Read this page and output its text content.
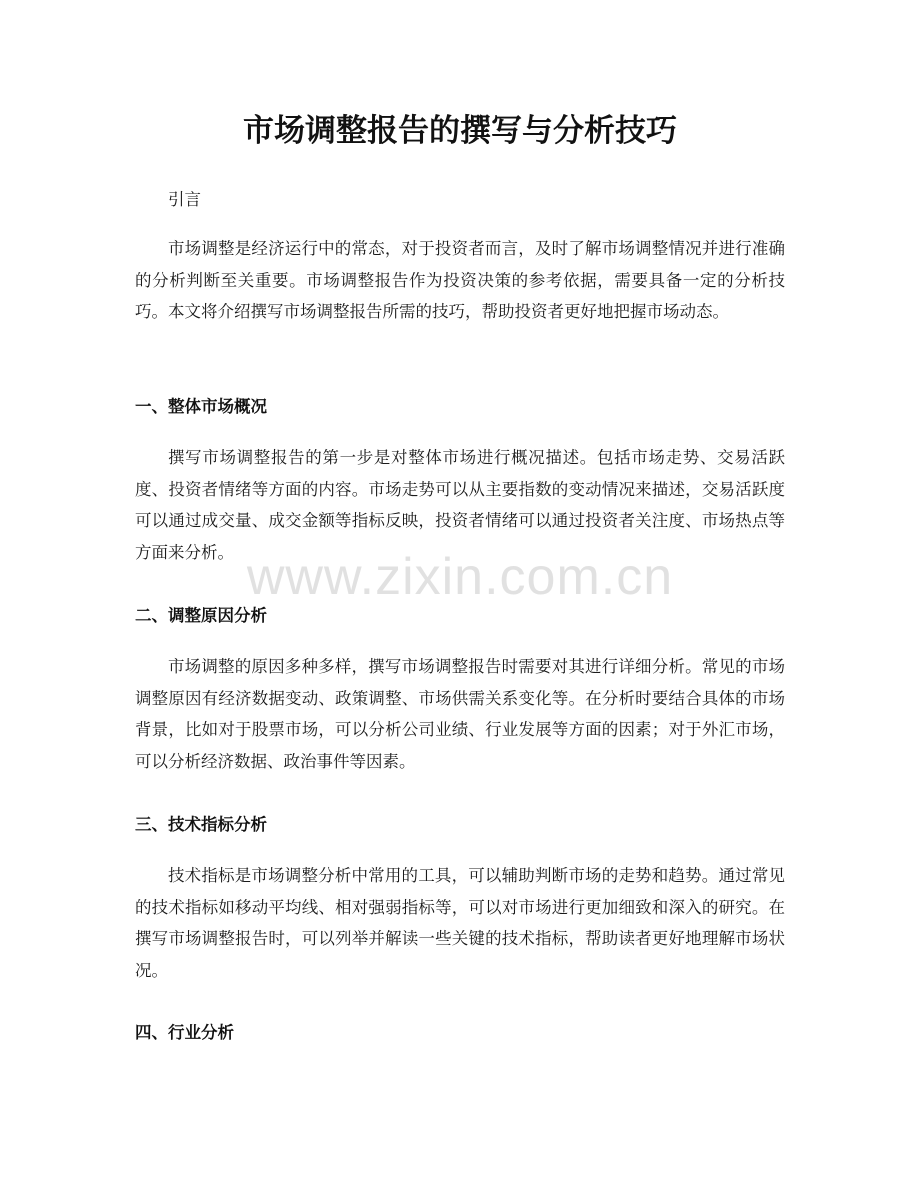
市场调整报告的撰写与分析技巧

引言

市场调整是经济运行中的常态，对于投资者而言，及时了解市场调整情况并进行准确的分析判断至关重要。市场调整报告作为投资决策的参考依据，需要具备一定的分析技巧。本文将介绍撰写市场调整报告所需的技巧，帮助投资者更好地把握市场动态。

一、整体市场概况

撰写市场调整报告的第一步是对整体市场进行概况描述。包括市场走势、交易活跃度、投资者情绪等方面的内容。市场走势可以从主要指数的变动情况来描述，交易活跃度可以通过成交量、成交金额等指标反映，投资者情绪可以通过投资者关注度、市场热点等方面来分析。

二、调整原因分析

市场调整的原因多种多样，撰写市场调整报告时需要对其进行详细分析。常见的市场调整原因有经济数据变动、政策调整、市场供需关系变化等。在分析时要结合具体的市场背景，比如对于股票市场，可以分析公司业绩、行业发展等方面的因素；对于外汇市场，可以分析经济数据、政治事件等因素。

三、技术指标分析

技术指标是市场调整分析中常用的工具，可以辅助判断市场的走势和趋势。通过常见的技术指标如移动平均线、相对强弱指标等，可以对市场进行更加细致和深入的研究。在撰写市场调整报告时，可以列举并解读一些关键的技术指标，帮助读者更好地理解市场状况。

四、行业分析
www.zixin.com.cn
